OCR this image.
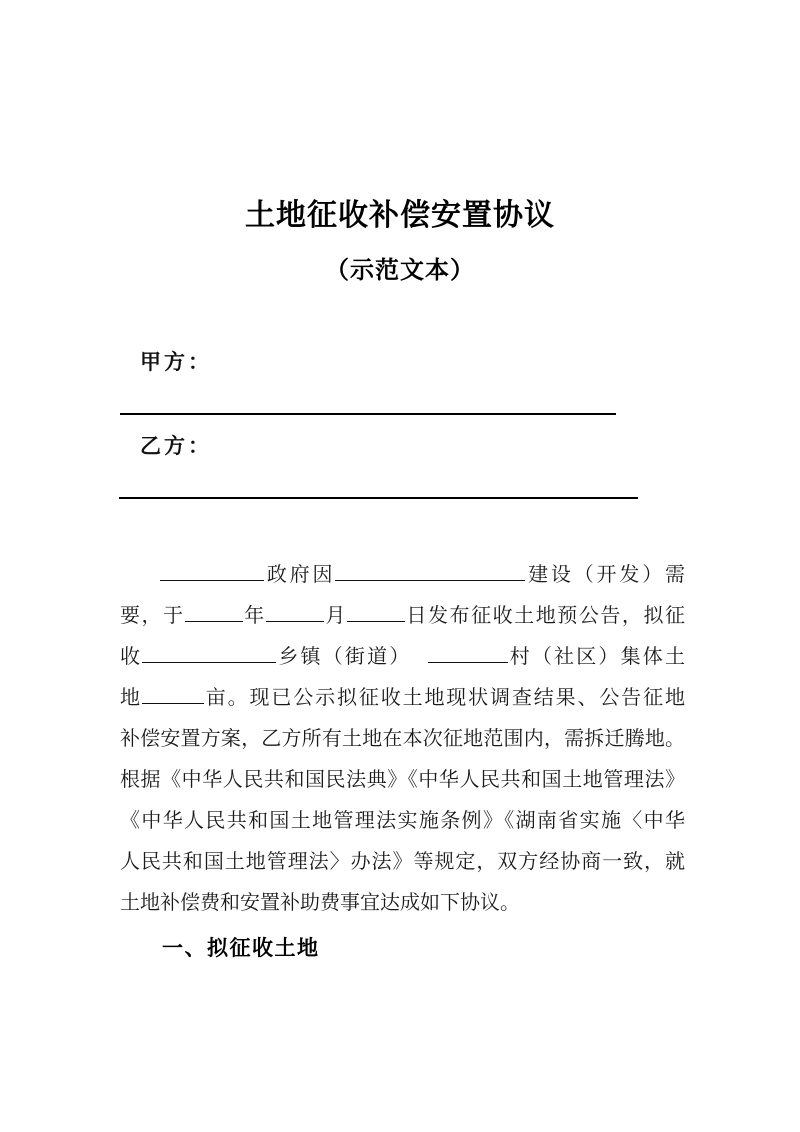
土地征收补偿安置协议
（示范文本）
甲方：
乙方：
政府因	建设（开发）需
要，于	年	月	日发布征收土地预公告，拟征
收	乡镇（街道）	村（社区）集体土
地	亩。现已公示拟征收土地现状调查结果、公告征地
补偿安置方案，乙方所有土地在本次征地范围内，需拆迁腾地。
根据《中华人民共和国民法典》《中华人民共和国土地管理法》
《中华人民共和国土地管理法实施条例》《湖南省实施〈中华
人民共和国土地管理法〉办法》等规定，双方经协商一致，就
土地补偿费和安置补助费事宜达成如下协议。
一、拟征收土地
